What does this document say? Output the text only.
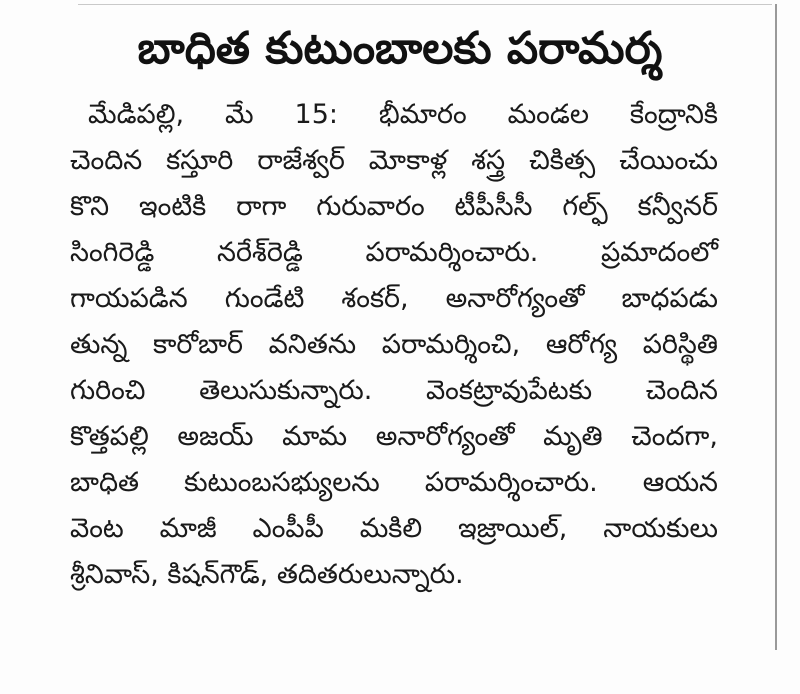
బాధిత కుటుంబాలకు పరామర్శ
మేడిపల్లి, మే 15: భీమారం మండల కేంద్రానికి
చెందిన కస్తూరి రాజేశ్వర్ మోకాళ్ల శస్త్ర చికిత్స చేయించు
కొని ఇంటికి రాగా గురువారం టీపీసీసీ గల్ఫ్ కన్వీనర్
సింగిరెడ్డి నరేశ్‌రెడ్డి పరామర్శించారు. ప్రమాదంలో
గాయపడిన గుండేటి శంకర్, అనారోగ్యంతో బాధపడు
తున్న కారోబార్ వనితను పరామర్శించి, ఆరోగ్య పరిస్థితి
గురించి తెలుసుకున్నారు. వెంకట్రావుపేటకు చెందిన
కొత్తపల్లి అజయ్ మామ అనారోగ్యంతో మృతి చెందగా,
బాధిత కుటుంబసభ్యులను పరామర్శించారు. ఆయన
వెంట మాజీ ఎంపీపీ మకిలి ఇజ్రాయిల్, నాయకులు
శ్రీనివాస్, కిషన్‌గౌడ్, తదితరులున్నారు.
